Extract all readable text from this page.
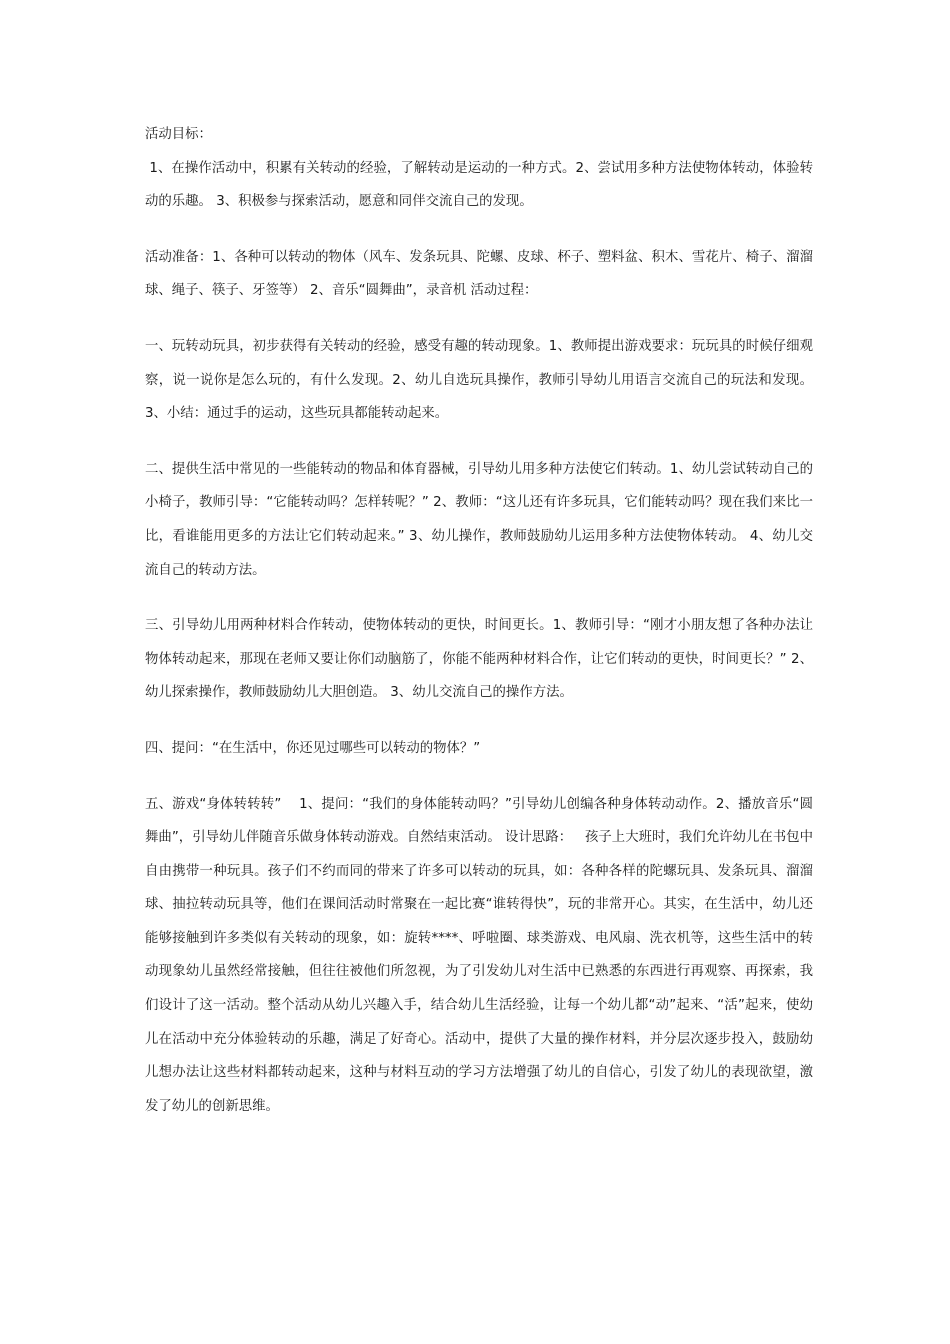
活动目标：

1、在操作活动中，积累有关转动的经验，了解转动是运动的一种方式。2、尝试用多种方法使物体转动，体验转动的乐趣。 3、积极参与探索活动，愿意和同伴交流自己的发现。

活动准备：1、各种可以转动的物体（风车、发条玩具、陀螺、皮球、杯子、塑料盆、积木、雪花片、椅子、溜溜球、绳子、筷子、牙签等） 2、音乐“圆舞曲”，录音机 活动过程：

一、玩转动玩具，初步获得有关转动的经验，感受有趣的转动现象。1、教师提出游戏要求：玩玩具的时候仔细观察，说一说你是怎么玩的，有什么发现。2、幼儿自选玩具操作，教师引导幼儿用语言交流自己的玩法和发现。 3、小结：通过手的运动，这些玩具都能转动起来。

二、提供生活中常见的一些能转动的物品和体育器械，引导幼儿用多种方法使它们转动。1、幼儿尝试转动自己的小椅子，教师引导：“它能转动吗？怎样转呢？” 2、教师：“这儿还有许多玩具，它们能转动吗？现在我们来比一比，看谁能用更多的方法让它们转动起来。” 3、幼儿操作，教师鼓励幼儿运用多种方法使物体转动。 4、幼儿交流自己的转动方法。

三、引导幼儿用两种材料合作转动，使物体转动的更快，时间更长。1、教师引导：“刚才小朋友想了各种办法让物体转动起来，那现在老师又要让你们动脑筋了，你能不能两种材料合作，让它们转动的更快，时间更长？” 2、幼儿探索操作，教师鼓励幼儿大胆创造。 3、幼儿交流自己的操作方法。

四、提问：“在生活中，你还见过哪些可以转动的物体？”

五、游戏“身体转转转”    1、提问：“我们的身体能转动吗？”引导幼儿创编各种身体转动动作。2、播放音乐“圆舞曲”，引导幼儿伴随音乐做身体转动游戏。自然结束活动。 设计思路：   孩子上大班时，我们允许幼儿在书包中自由携带一种玩具。孩子们不约而同的带来了许多可以转动的玩具，如：各种各样的陀螺玩具、发条玩具、溜溜球、抽拉转动玩具等，他们在课间活动时常聚在一起比赛“谁转得快”，玩的非常开心。其实，在生活中，幼儿还能够接触到许多类似有关转动的现象，如：旋转****、呼啦圈、球类游戏、电风扇、洗衣机等，这些生活中的转动现象幼儿虽然经常接触，但往往被他们所忽视，为了引发幼儿对生活中已熟悉的东西进行再观察、再探索，我们设计了这一活动。整个活动从幼儿兴趣入手，结合幼儿生活经验，让每一个幼儿都“动”起来、“活”起来，使幼儿在活动中充分体验转动的乐趣，满足了好奇心。活动中，提供了大量的操作材料，并分层次逐步投入，鼓励幼儿想办法让这些材料都转动起来，这种与材料互动的学习方法增强了幼儿的自信心，引发了幼儿的表现欲望，激发了幼儿的创新思维。
